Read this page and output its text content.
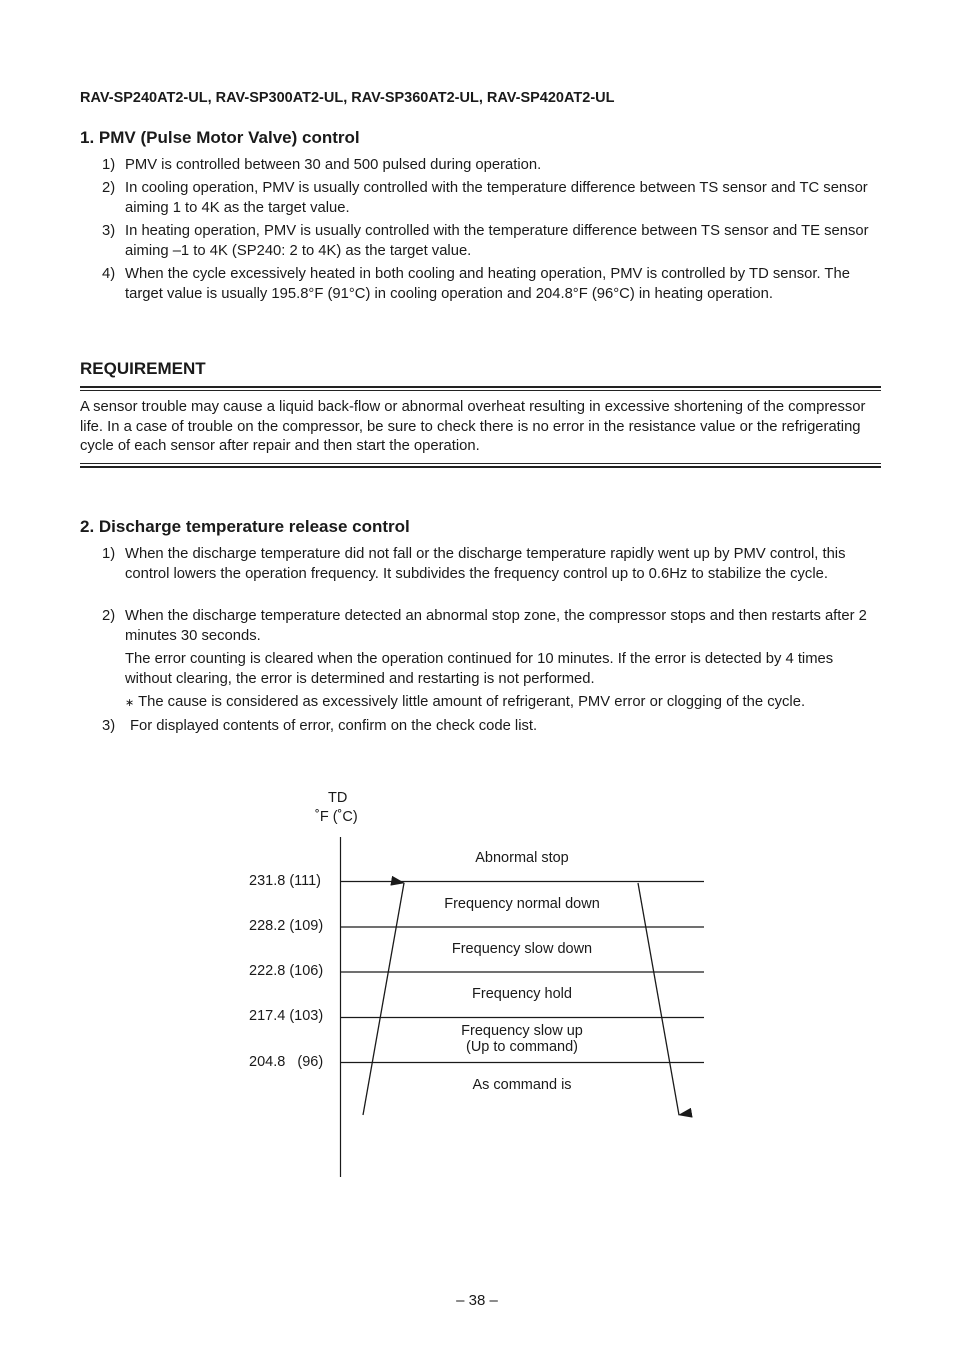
RAV-SP240AT2-UL, RAV-SP300AT2-UL, RAV-SP360AT2-UL, RAV-SP420AT2-UL
1. PMV (Pulse Motor Valve) control
1) PMV is controlled between 30 and 500 pulsed during operation.
2) In cooling operation, PMV is usually controlled with the temperature difference between TS sensor and TC sensor aiming 1 to 4K as the target value.
3) In heating operation, PMV is usually controlled with the temperature difference between TS sensor and TE sensor aiming –1 to 4K (SP240: 2 to 4K) as the target value.
4) When the cycle excessively heated in both cooling and heating operation, PMV is controlled by TD sensor. The target value is usually 195.8°F (91°C) in cooling operation and 204.8°F (96°C) in heating operation.
REQUIREMENT
A sensor trouble may cause a liquid back-flow or abnormal overheat resulting in excessive shortening of the compressor life. In a case of trouble on the compressor, be sure to check there is no error in the resistance value or the refrigerating cycle of each sensor after repair and then start the operation.
2. Discharge temperature release control
1) When the discharge temperature did not fall or the discharge temperature rapidly went up by PMV control, this control lowers the operation frequency. It subdivides the frequency control up to 0.6Hz to stabilize the cycle.
2) When the discharge temperature detected an abnormal stop zone, the compressor stops and then restarts after 2 minutes 30 seconds.
The error counting is cleared when the operation continued for 10 minutes. If the error is detected by 4 times without clearing, the error is determined and restarting is not performed.
∗ The cause is considered as excessively little amount of refrigerant, PMV error or clogging of the cycle.
3) For displayed contents of error, confirm on the check code list.
TD
˚F (˚C)
231.8 (111)
228.2 (109)
222.8 (106)
217.4 (103)
204.8   (96)
Abnormal stop
Frequency normal down
Frequency slow down
Frequency hold
Frequency slow up
(Up to command)
As command is
– 38 –
